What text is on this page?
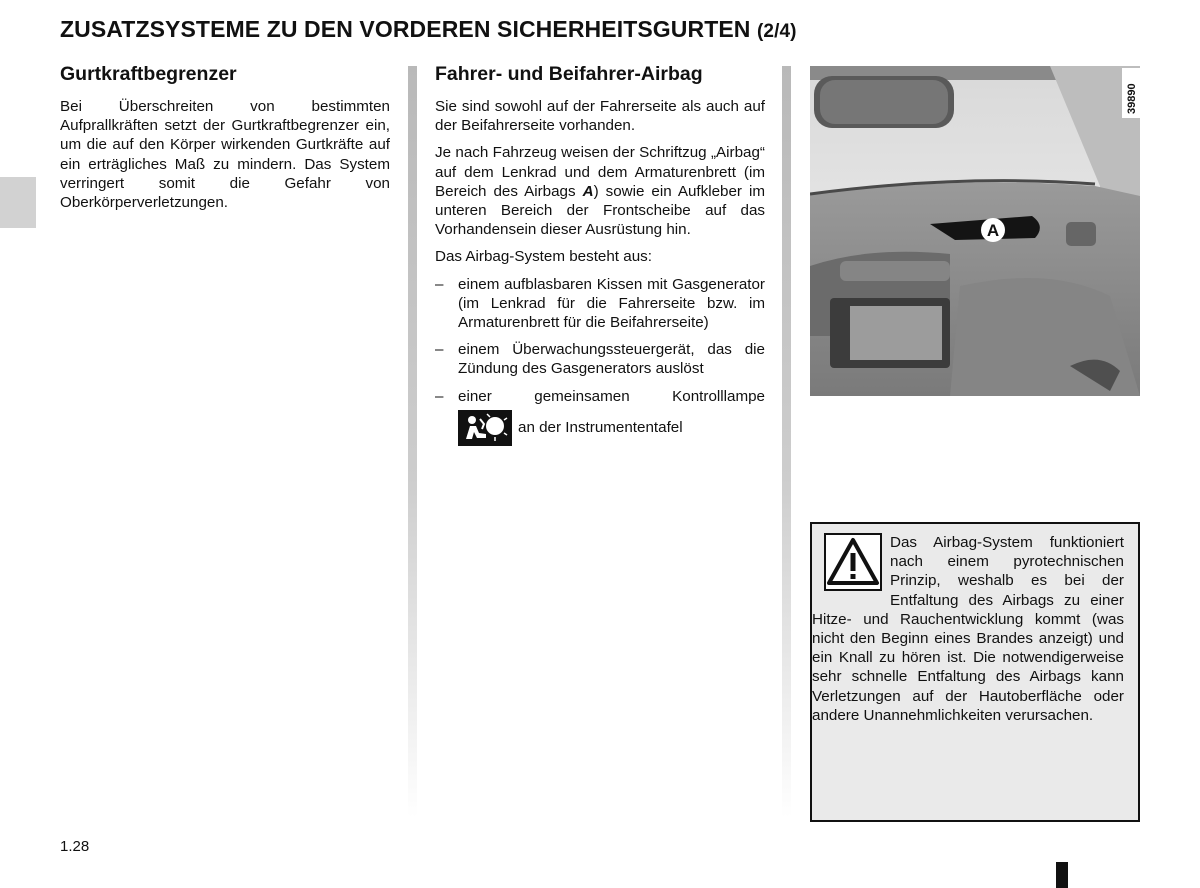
ZUSATZSYSTEME ZU DEN VORDEREN SICHERHEITSGURTEN (2/4)
Gurtkraftbegrenzer

Bei Überschreiten von bestimmten Aufprallkräften setzt der Gurtkraftbegrenzer ein, um die auf den Körper wirkenden Gurtkräfte auf ein erträgliches Maß zu mindern. Das System verringert somit die Gefahr von Oberkörperverletzungen.

Fahrer- und Beifahrer-Airbag

Sie sind sowohl auf der Fahrerseite als auch auf der Beifahrerseite vorhanden.

Je nach Fahrzeug weisen der Schriftzug „Airbag“ auf dem Lenkrad und dem Armaturenbrett (im Bereich des Airbags A) sowie ein Aufkleber im unteren Bereich der Frontscheibe auf das Vorhandensein dieser Ausrüstung hin.

Das Airbag-System besteht aus:

– einem aufblasbaren Kissen mit Gasgenerator (im Lenkrad für die Fahrerseite bzw. im Armaturenbrett für die Beifahrerseite)
– einem Überwachungssteuergerät, das die Zündung des Gasgenerators auslöst
– einer gemeinsamen Kontrolllampe
an der Instrumententafel
A
39890
Das Airbag-System funktioniert nach einem pyrotechnischen Prinzip, weshalb es bei der Entfaltung des Airbags zu einer Hitze- und Rauchentwicklung kommt (was nicht den Beginn eines Brandes anzeigt) und ein Knall zu hören ist. Die notwendigerweise sehr schnelle Entfaltung des Airbags kann Verletzungen auf der Hautoberfläche oder andere Unannehmlichkeiten verursachen.
1.28
